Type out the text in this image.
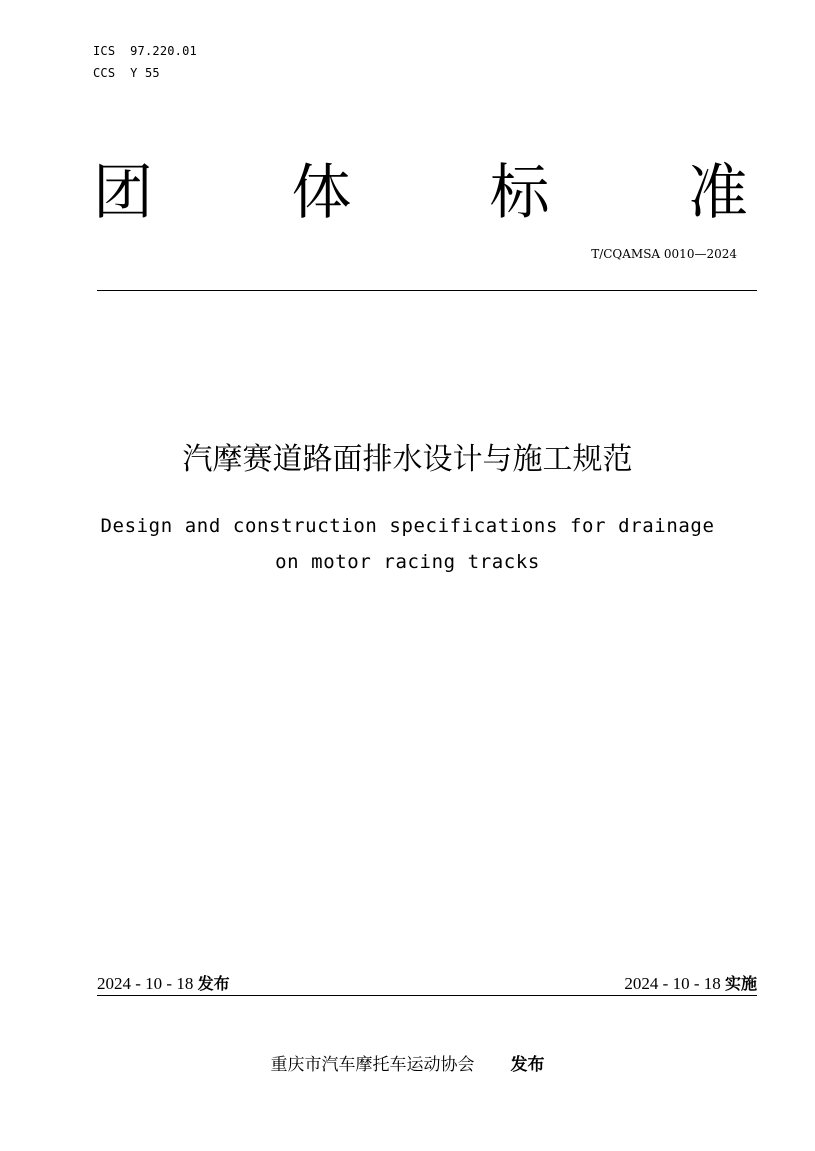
ICS  97.220.01
CCS  Y 55
团 体 标 准
T/CQAMSA 0010—2024
汽摩赛道路面排水设计与施工规范
Design and construction specifications for drainage
on motor racing tracks
2024 - 10 - 18 发布	2024 - 10 - 18 实施
重庆市汽车摩托车运动协会 发布
